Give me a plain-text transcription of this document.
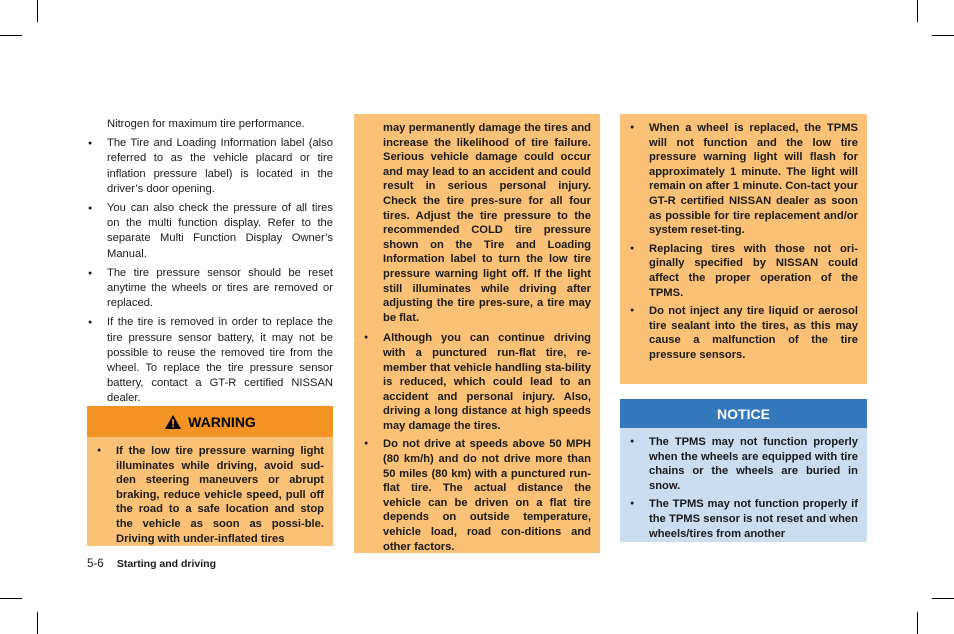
Nitrogen for maximum tire performance.

● The Tire and Loading Information label (also referred to as the vehicle placard or tire inflation pressure label) is located in the driver’s door opening.
● You can also check the pressure of all tires on the multi function display. Refer to the separate Multi Function Display Owner’s Manual.
● The tire pressure sensor should be reset anytime the wheels or tires are removed or replaced.
● If the tire is removed in order to replace the tire pressure sensor battery, it may not be possible to reuse the removed tire from the wheel. To replace the tire pressure sensor battery, contact a GT-R certified NISSAN dealer.
WARNING
● If the low tire pressure warning light illuminates while driving, avoid sud-den steering maneuvers or abrupt braking, reduce vehicle speed, pull off the road to a safe location and stop the vehicle as soon as possi-ble. Driving with under-inflated tires

may permanently damage the tires and increase the likelihood of tire failure. Serious vehicle damage could occur and may lead to an accident and could result in serious personal injury. Check the tire pres-sure for all four tires. Adjust the tire pressure to the recommended COLD tire pressure shown on the Tire and Loading Information label to turn the low tire pressure warning light off. If the light still illuminates while driving after adjusting the tire pres-sure, a tire may be flat.

● Although you can continue driving with a punctured run-flat tire, re-member that vehicle handling sta-bility is reduced, which could lead to an accident and personal injury. Also, driving a long distance at high speeds may damage the tires.
● Do not drive at speeds above 50 MPH (80 km/h) and do not drive more than 50 miles (80 km) with a punctured run-flat tire. The actual distance the vehicle can be driven on a flat tire depends on outside temperature, vehicle load, road con-ditions and other factors.
● When a wheel is replaced, the TPMS will not function and the low tire pressure warning light will flash for approximately 1 minute. The light will remain on after 1 minute. Con-tact your GT-R certified NISSAN dealer as soon as possible for tire replacement and/or system reset-ting.
● Replacing tires with those not ori-ginally specified by NISSAN could affect the proper operation of the TPMS.
● Do not inject any tire liquid or aerosol tire sealant into the tires, as this may cause a malfunction of the tire pressure sensors.
NOTICE
● The TPMS may not function properly when the wheels are equipped with tire chains or the wheels are buried in snow.
● The TPMS may not function properly if the TPMS sensor is not reset and when wheels/tires from another
5-6 Starting and driving
